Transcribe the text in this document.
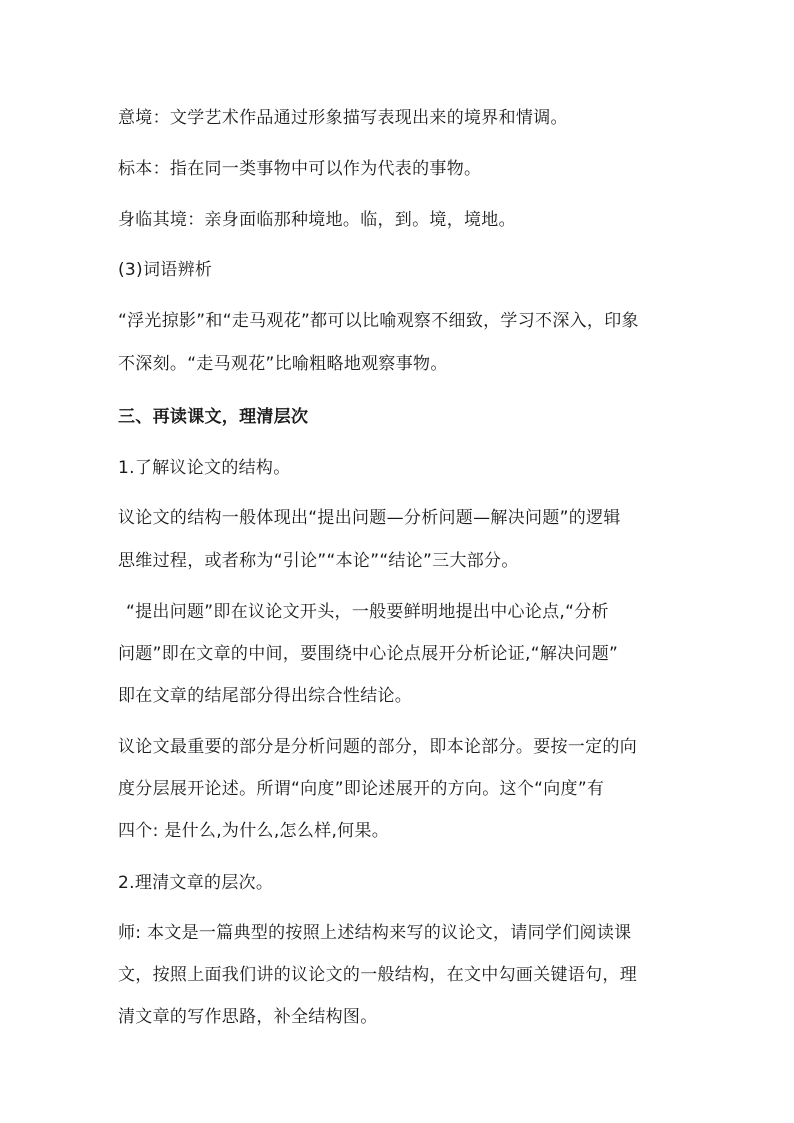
意境：文学艺术作品通过形象描写表现出来的境界和情调。
标本：指在同一类事物中可以作为代表的事物。
身临其境：亲身面临那种境地。临，到。境，境地。
(3)词语辨析
“浮光掠影”和“走马观花”都可以比喻观察不细致，学习不深入，印象
不深刻。“走马观花”比喻粗略地观察事物。
三、再读课文，理清层次
1.了解议论文的结构。
议论文的结构一般体现出“提出问题—分析问题—解决问题”的逻辑
思维过程，或者称为“引论”“本论”“结论”三大部分。
“提出问题”即在议论文开头，一般要鲜明地提出中心论点,“分析
问题”即在文章的中间，要围绕中心论点展开分析论证,“解决问题”
即在文章的结尾部分得出综合性结论。
议论文最重要的部分是分析问题的部分，即本论部分。要按一定的向
度分层展开论述。所谓“向度”即论述展开的方向。这个“向度”有
四个: 是什么,为什么,怎么样,何果。
2.理清文章的层次。
师: 本文是一篇典型的按照上述结构来写的议论文，请同学们阅读课
文，按照上面我们讲的议论文的一般结构，在文中勾画关键语句，理
清文章的写作思路，补全结构图。
